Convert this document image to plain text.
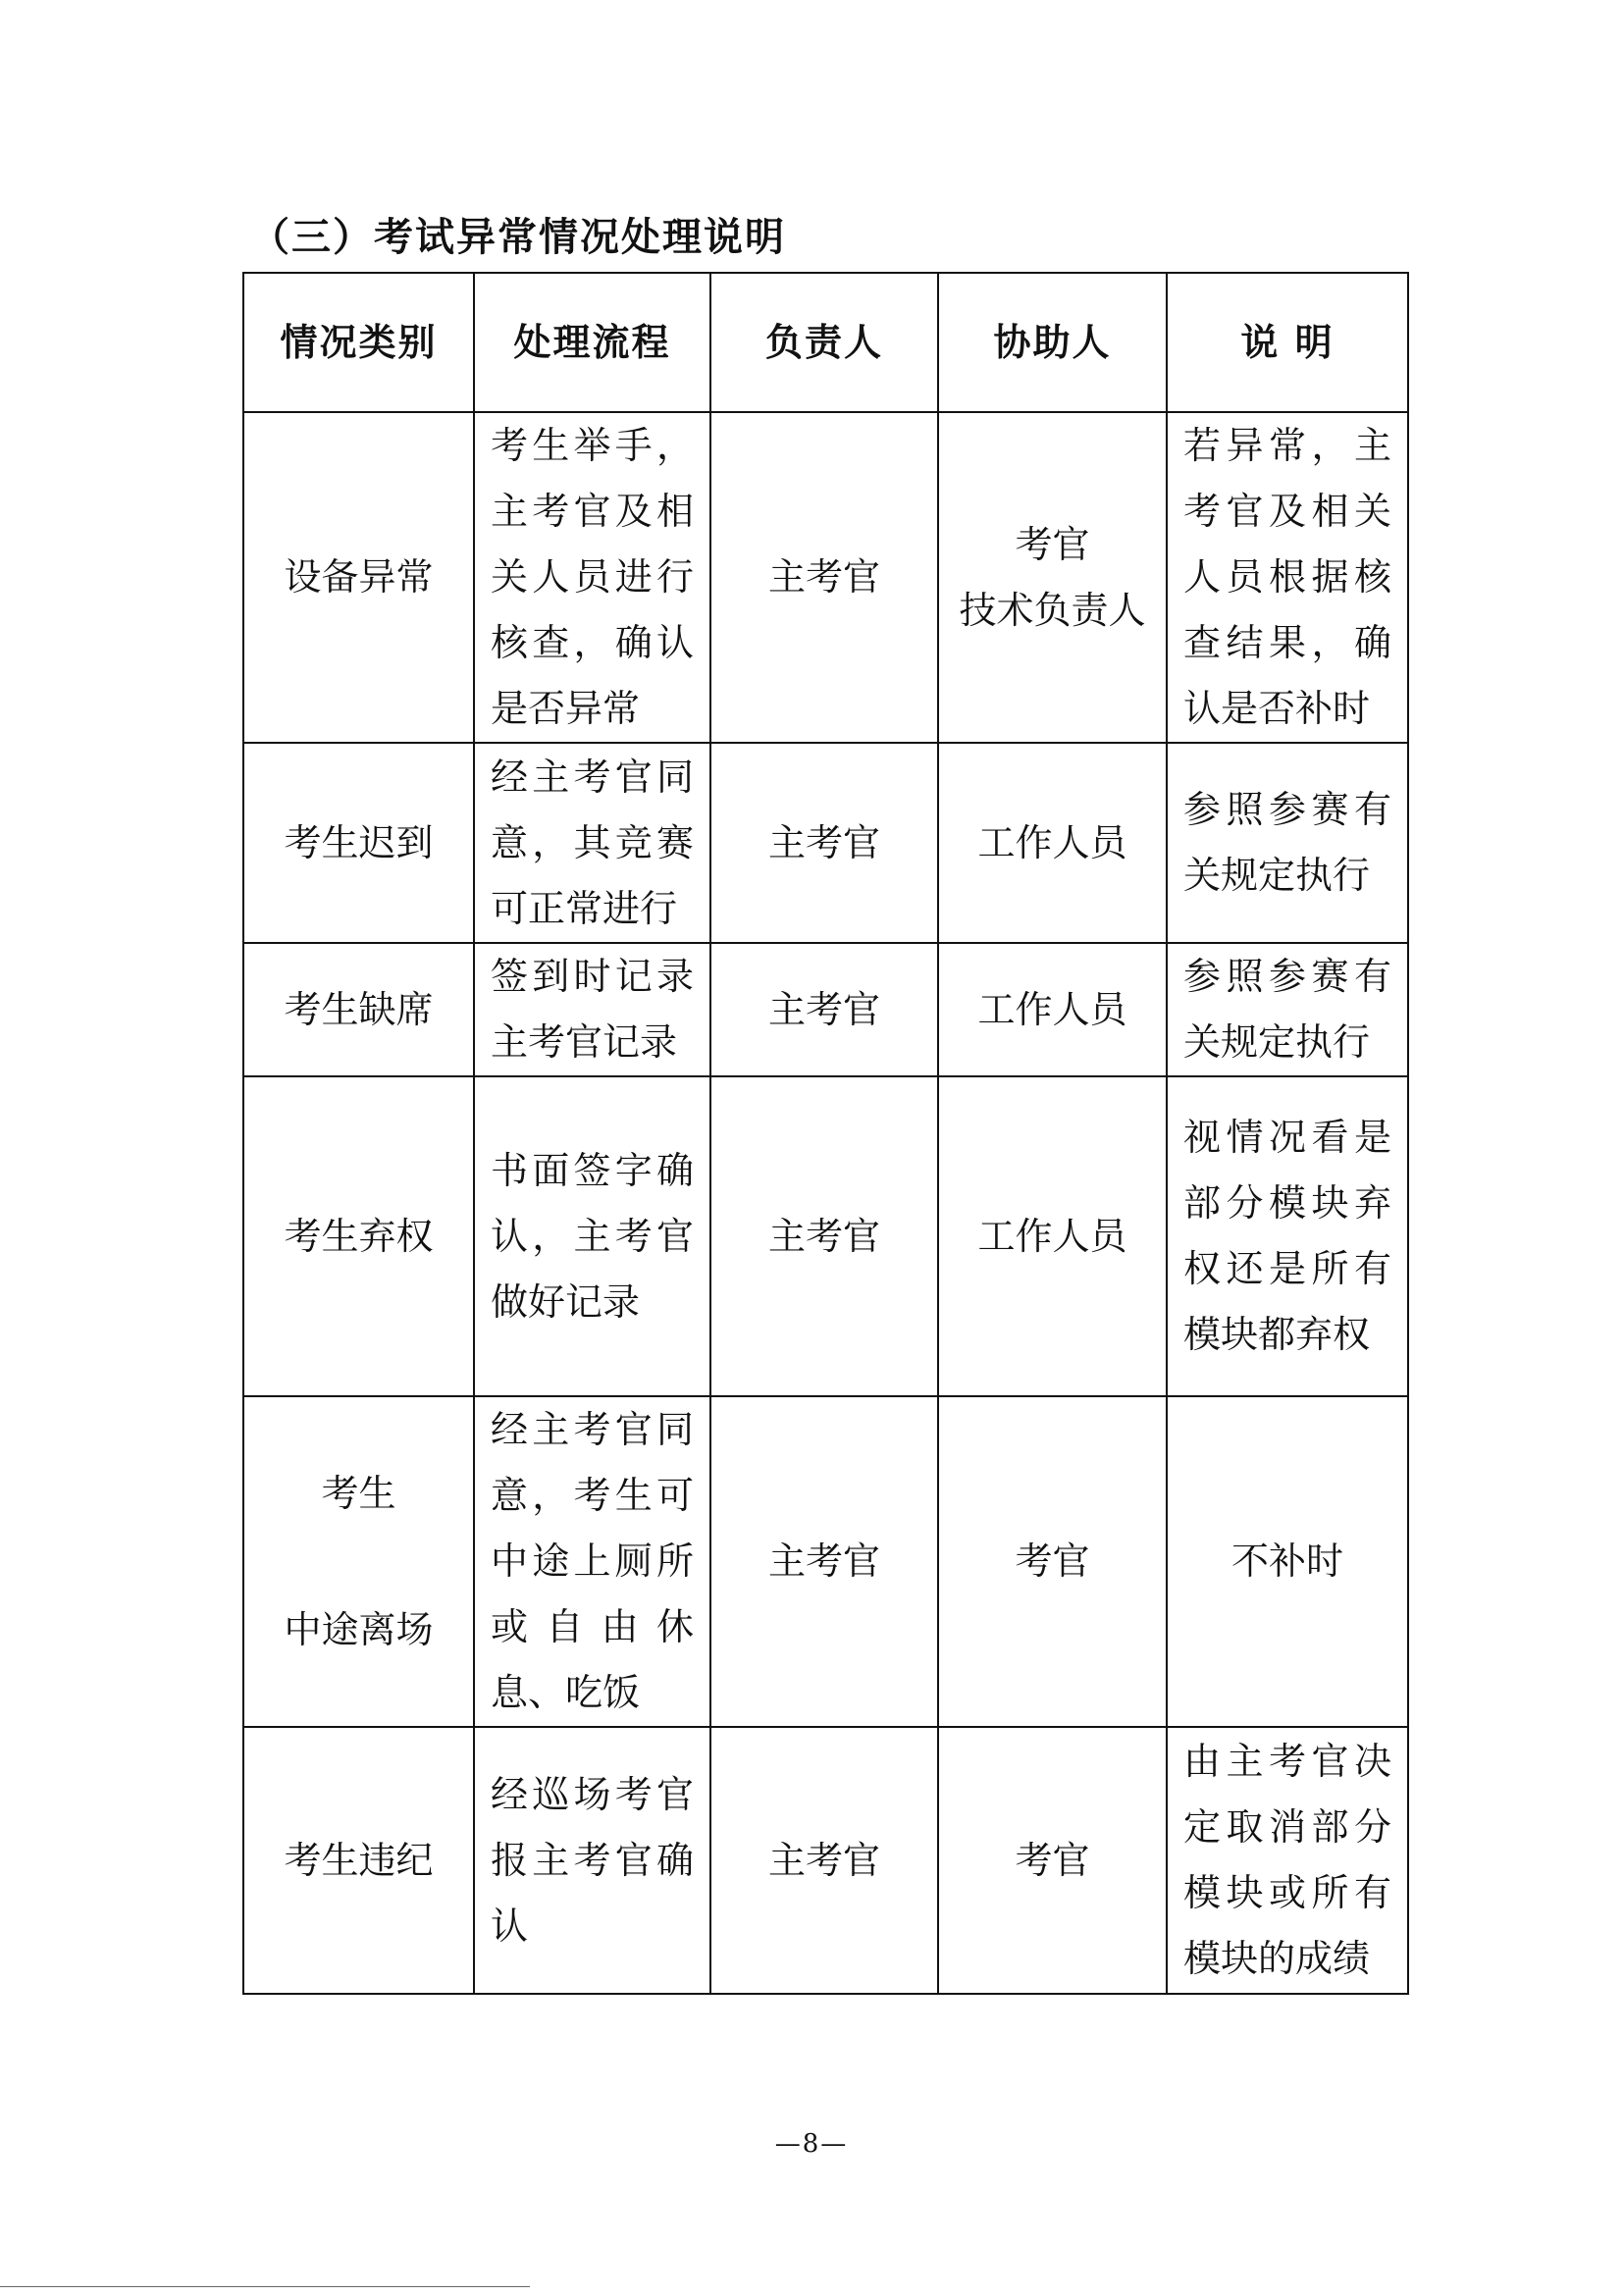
（三）考试异常情况处理说明
情况类别	处理流程	负责人	协助人	说 明

设备异常	考生举手，
主考官及相
关人员进行
核查，确认
是否异常	主考官	考官
技术负责人	若异常，主
考官及相关
人员根据核
查结果，确
认是否补时

考生迟到	经主考官同
意，其竞赛
可正常进行	主考官	工作人员	参照参赛有
关规定执行

考生缺席	签到时记录
主考官记录	主考官	工作人员	参照参赛有
关规定执行

考生弃权	书面签字确
认，主考官
做好记录	主考官	工作人员	视情况看是
部分模块弃
权还是所有
模块都弃权

考生
中途离场	经主考官同
意，考生可
中途上厕所
或自由休
息、吃饭	主考官	考官	不补时

考生违纪	经巡场考官
报主考官确
认	主考官	考官	由主考官决
定取消部分
模块或所有
模块的成绩
—8—
